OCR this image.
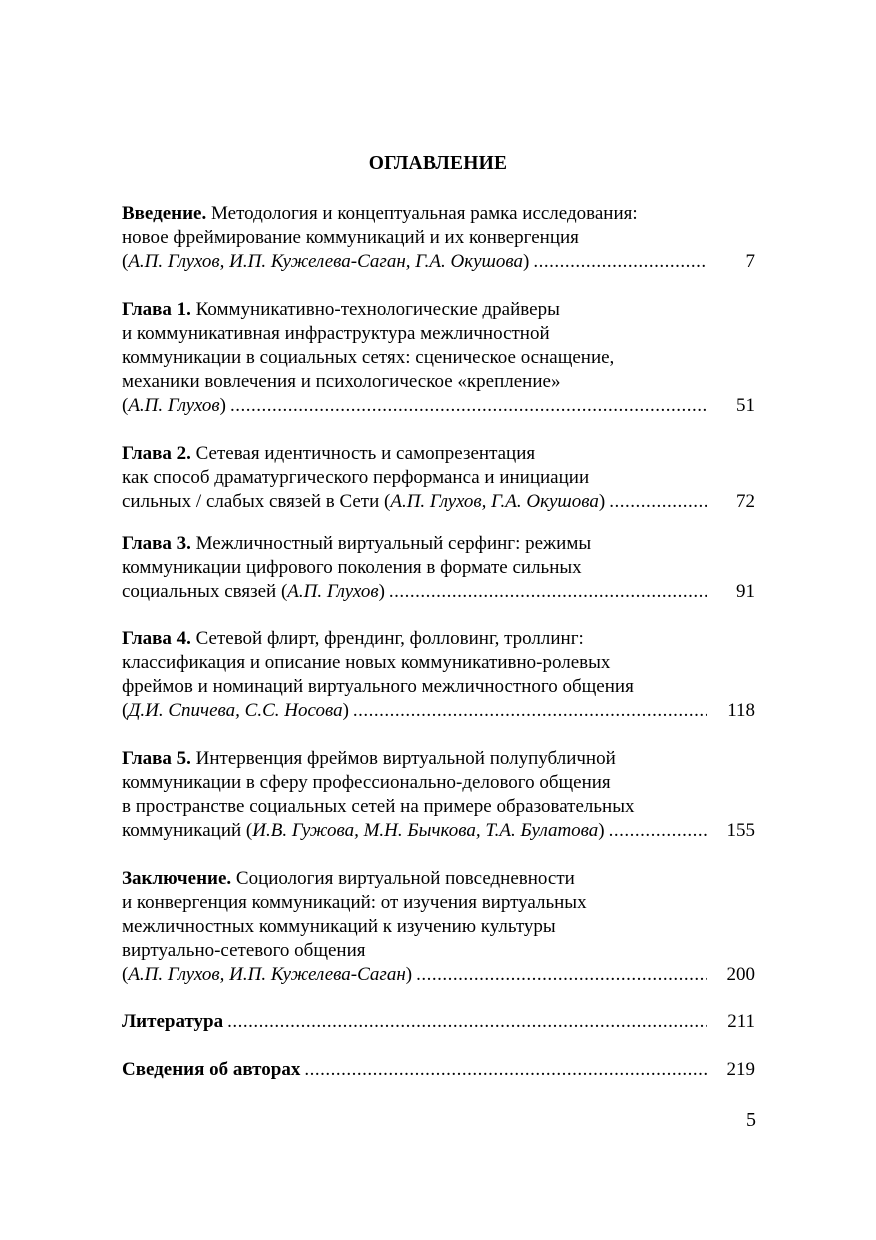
ОГЛАВЛЕНИЕ
Введение. Методология и концептуальная рамка исследования:
новое фреймирование коммуникаций и их конвергенция
(А.П. Глухов, И.П. Кужелева-Саган, Г.А. Окушова) .....	7
Глава 1. Коммуникативно-технологические драйверы
и коммуникативная инфраструктура межличностной
коммуникации в социальных сетях: сценическое оснащение,
механики вовлечения и психологическое «крепление»
(А.П. Глухов) .....	51
Глава 2. Сетевая идентичность и самопрезентация
как способ драматургического перформанса и инициации
сильных / слабых связей в Сети (А.П. Глухов, Г.А. Окушова) .....	72
Глава 3. Межличностный виртуальный серфинг: режимы
коммуникации цифрового поколения в формате сильных
социальных связей (А.П. Глухов) .....	91
Глава 4. Сетевой флирт, френдинг, фолловинг, троллинг:
классификация и описание новых коммуникативно-ролевых
фреймов и номинаций виртуального межличностного общения
(Д.И. Спичева, С.С. Носова) .....	118
Глава 5. Интервенция фреймов виртуальной полупубличной
коммуникации в сферу профессионально-делового общения
в пространстве социальных сетей на примере образовательных
коммуникаций (И.В. Гужова, М.Н. Бычкова, Т.А. Булатова) .....	155
Заключение. Социология виртуальной повседневности
и конвергенция коммуникаций: от изучения виртуальных
межличностных коммуникаций к изучению культуры
виртуально-сетевого общения
(А.П. Глухов, И.П. Кужелева-Саган) .....	200
Литература .....	211
Сведения об авторах .....	219
5
